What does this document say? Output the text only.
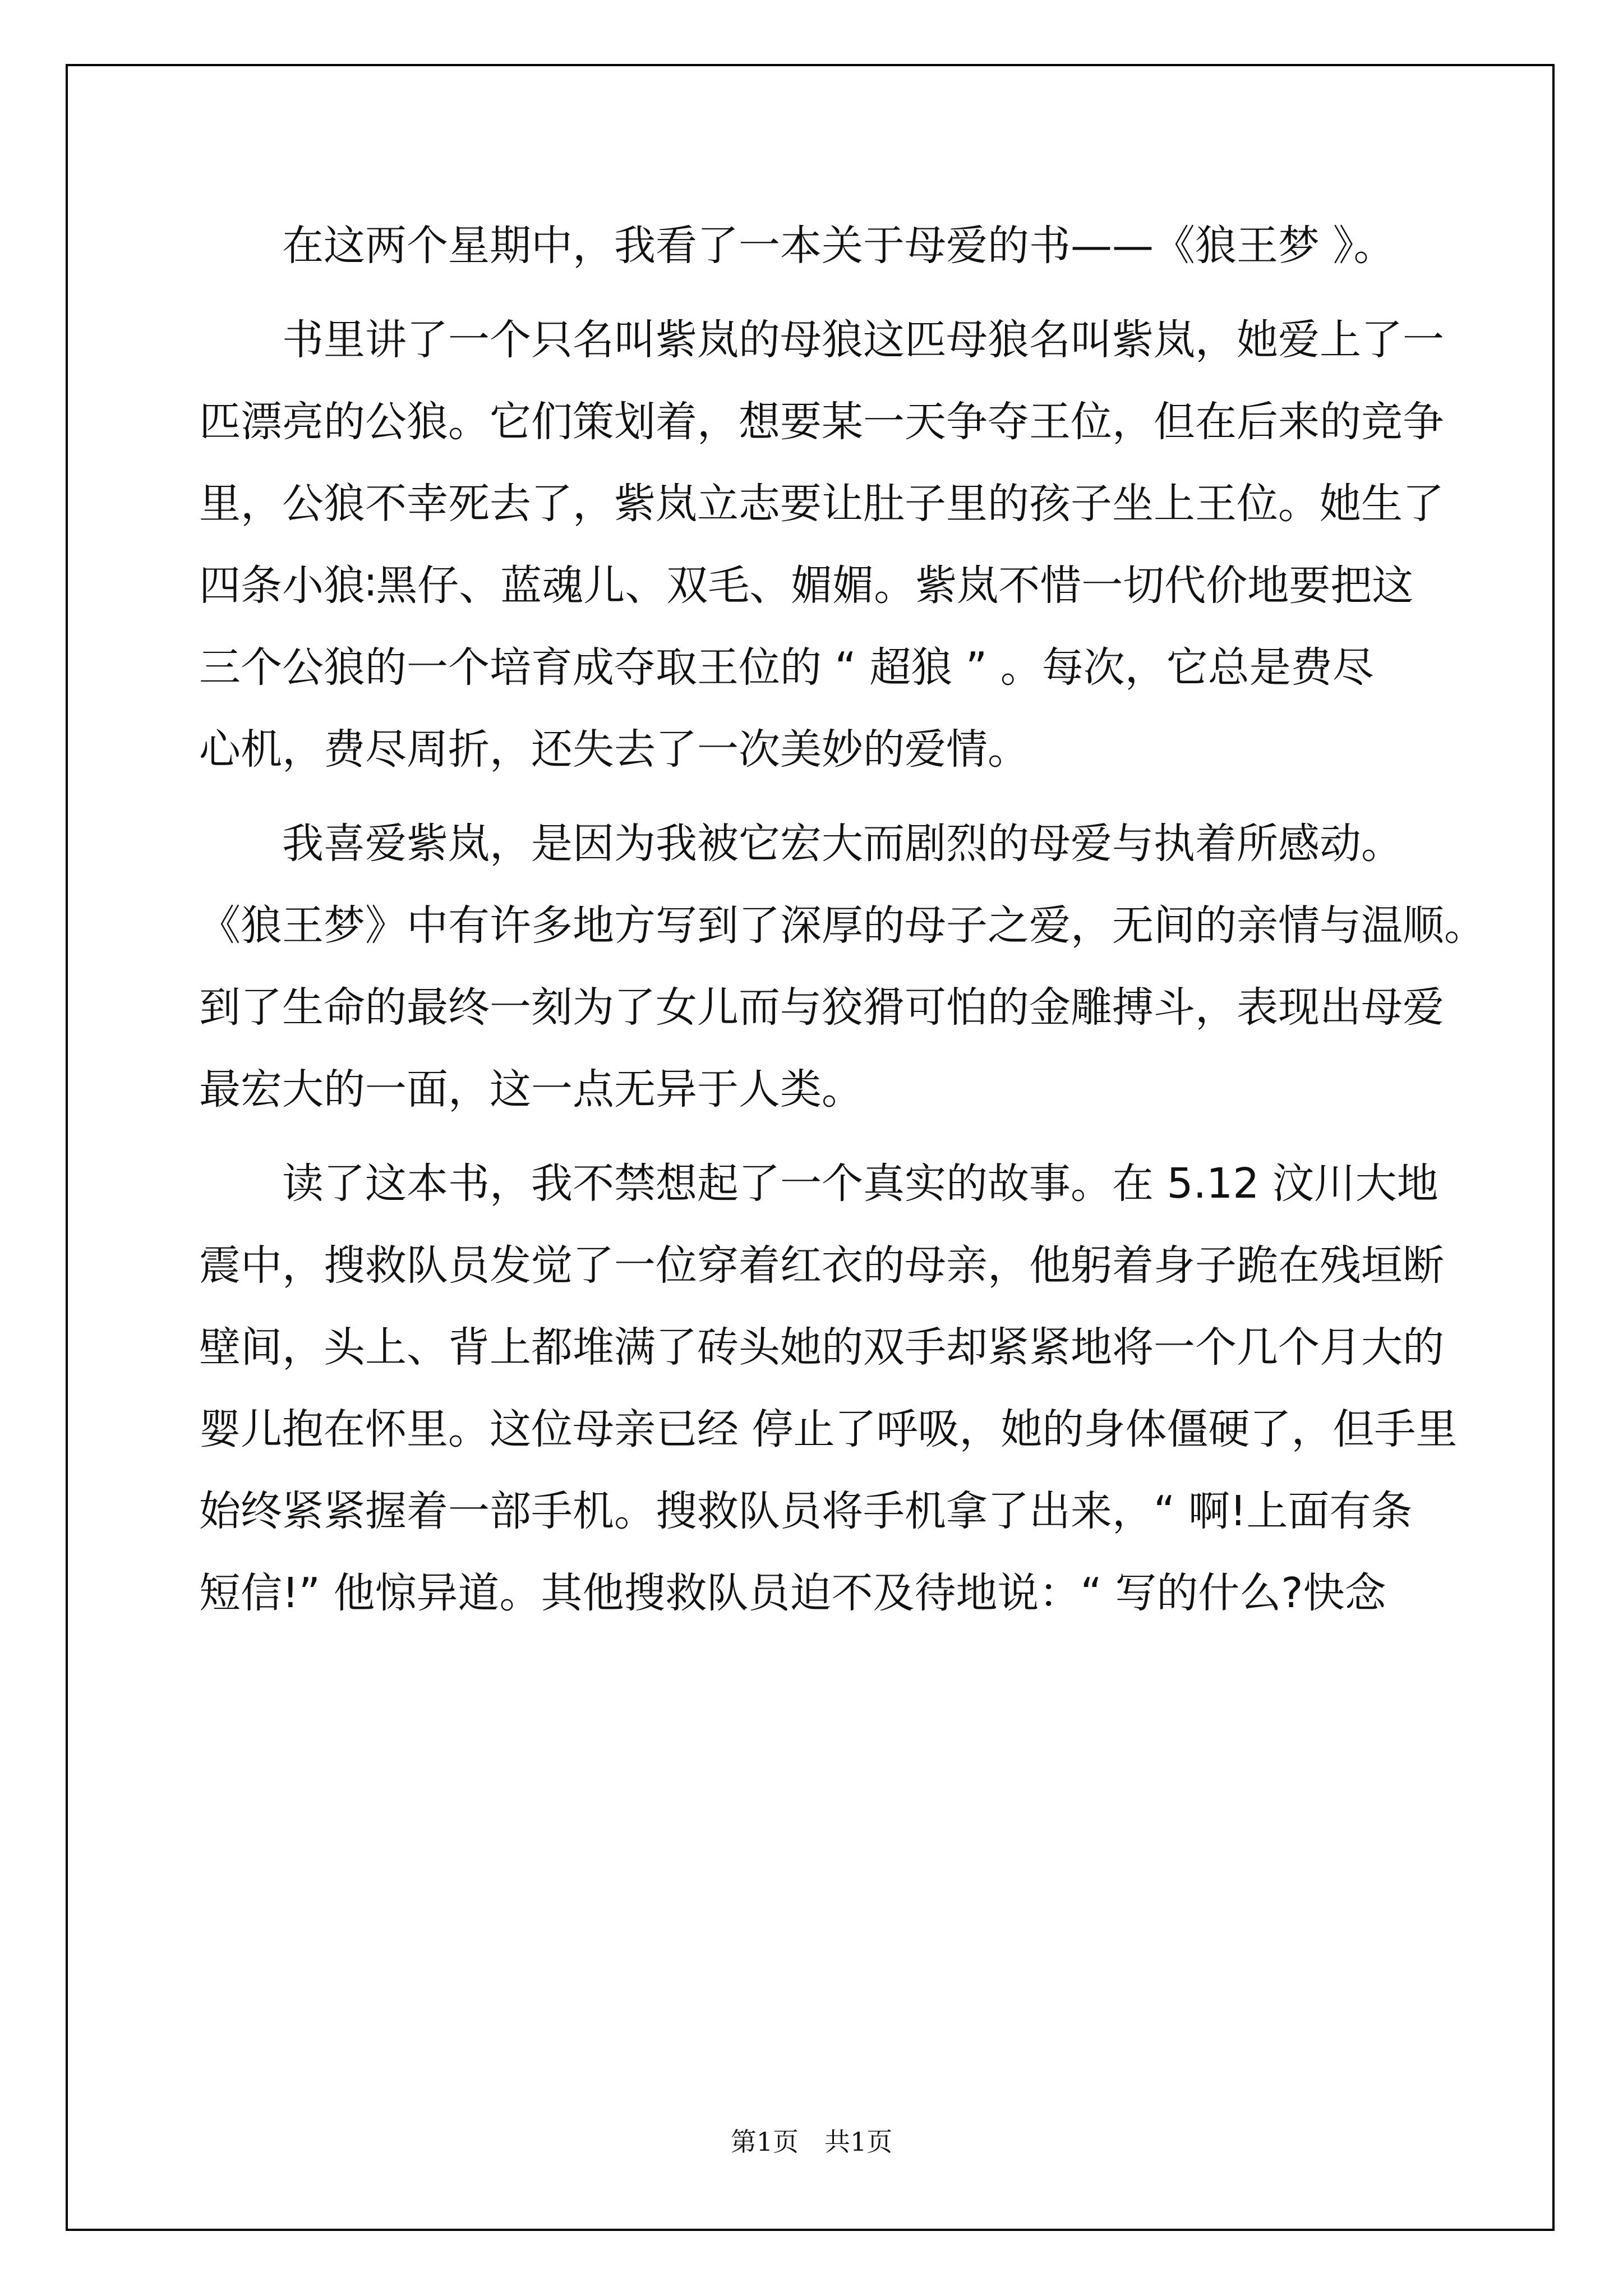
　　在这两个星期中，我看了一本关于母爱的书——《狼王梦 》。
　　书里讲了一个只名叫紫岚的母狼这匹母狼名叫紫岚，她爱上了一
匹漂亮的公狼。它们策划着，想要某一天争夺王位，但在后来的竞争
里，公狼不幸死去了，紫岚立志要让肚子里的孩子坐上王位。她生了
四条小狼∶黑仔、蓝魂儿、双毛、媚媚。紫岚不惜一切代价地要把这
三个公狼的一个培育成夺取王位的 “ 超狼 ” 。每次，它总是费尽
心机，费尽周折，还失去了一次美妙的爱情。
　　我喜爱紫岚，是因为我被它宏大而剧烈的母爱与执着所感动。
《狼王梦》中有许多地方写到了深厚的母子之爱，无间的亲情与温顺。
到了生命的最终一刻为了女儿而与狡猾可怕的金雕搏斗，表现出母爱
最宏大的一面，这一点无异于人类。
　　读了这本书，我不禁想起了一个真实的故事。在 5.12 汶川大地
震中，搜救队员发觉了一位穿着红衣的母亲，他躬着身子跪在残垣断
壁间，头上、背上都堆满了砖头她的双手却紧紧地将一个几个月大的
婴儿抱在怀里。这位母亲已经 停止了呼吸，她的身体僵硬了，但手里
始终紧紧握着一部手机。搜救队员将手机拿了出来，“ 啊!上面有条
短信!” 他惊异道。其他搜救队员迫不及待地说：“ 写的什么?快念
第1页 共1页
